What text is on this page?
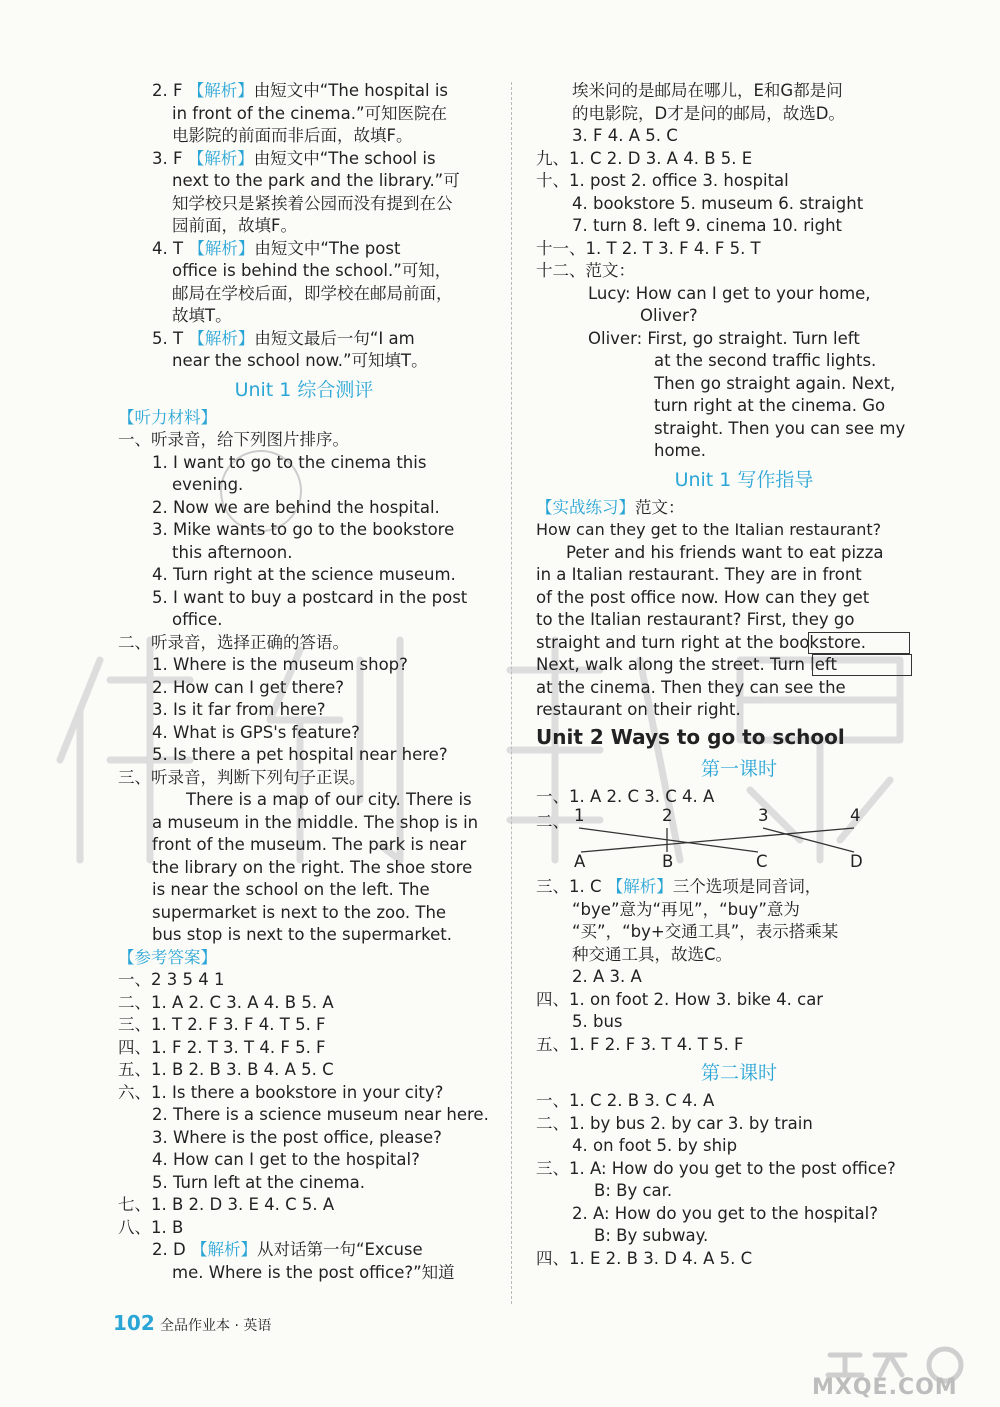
2. F 【解析】由短文中“The hospital is
in front of the cinema.”可知医院在
电影院的前面而非后面，故填F。
3. F 【解析】由短文中“The school is
next to the park and the library.”可
知学校只是紧挨着公园而没有提到在公
园前面，故填F。
4. T 【解析】由短文中“The post
office is behind the school.”可知，
邮局在学校后面，即学校在邮局前面，
故填T。
5. T 【解析】由短文最后一句“I am
near the school now.”可知填T。
Unit 1 综合测评
【听力材料】
一、听录音，给下列图片排序。
1. I want to go to the cinema this
evening.
2. Now we are behind the hospital.
3. Mike wants to go to the bookstore
this afternoon.
4. Turn right at the science museum.
5. I want to buy a postcard in the post
office.
二、听录音，选择正确的答语。
1. Where is the museum shop?
2. How can I get there?
3. Is it far from here?
4. What is GPS's feature?
5. Is there a pet hospital near here?
三、听录音，判断下列句子正误。
There is a map of our city. There is
a museum in the middle. The shop is in
front of the museum. The park is near
the library on the right. The shoe store
is near the school on the left. The
supermarket is next to the zoo. The
bus stop is next to the supermarket.
【参考答案】
一、2 3 5 4 1
二、1. A 2. C 3. A 4. B 5. A
三、1. T 2. F 3. F 4. T 5. F
四、1. F 2. T 3. T 4. F 5. F
五、1. B 2. B 3. B 4. A 5. C
六、1. Is there a bookstore in your city?
2. There is a science museum near here.
3. Where is the post office, please?
4. How can I get to the hospital?
5. Turn left at the cinema.
七、1. B 2. D 3. E 4. C 5. A
八、1. B
2. D 【解析】从对话第一句“Excuse
me. Where is the post office?”知道
埃米问的是邮局在哪儿，E和G都是问
的电影院，D才是问的邮局，故选D。
3. F 4. A 5. C
九、1. C 2. D 3. A 4. B 5. E
十、1. post 2. office 3. hospital
4. bookstore 5. museum 6. straight
7. turn 8. left 9. cinema 10. right
十一、1. T 2. T 3. F 4. F 5. T
十二、范文：
Lucy: How can I get to your home,
Oliver?
Oliver: First, go straight. Turn left
at the second traffic lights.
Then go straight again. Next,
turn right at the cinema. Go
straight. Then you can see my
home.
Unit 1 写作指导
【实战练习】范文：
How can they get to the Italian restaurant?
Peter and his friends want to eat pizza
in a Italian restaurant. They are in front
of the post office now. How can they get
to the Italian restaurant? First, they go
straight and turn right at the bookstore.
Next, walk along the street. Turn left
at the cinema. Then they can see the
restaurant on their right.
Unit 2 Ways to go to school
第一课时
一、1. A 2. C 3. C 4. A
二、 1	2	3	4
A	B	C	D
三、1. C 【解析】三个选项是同音词，
“bye”意为“再见”，“buy”意为
“买”，“by+交通工具”，表示搭乘某
种交通工具，故选C。
2. A 3. A
四、1. on foot 2. How 3. bike 4. car
5. bus
五、1. F 2. F 3. T 4. T 5. F
第二课时
一、1. C 2. B 3. C 4. A
二、1. by bus 2. by car 3. by train
4. on foot 5. by ship
三、1. A: How do you get to the post office?
B: By car.
2. A: How do you get to the hospital?
B: By subway.
四、1. E 2. B 3. D 4. A 5. C
102 全品作业本 · 英语
MXQE.COM
